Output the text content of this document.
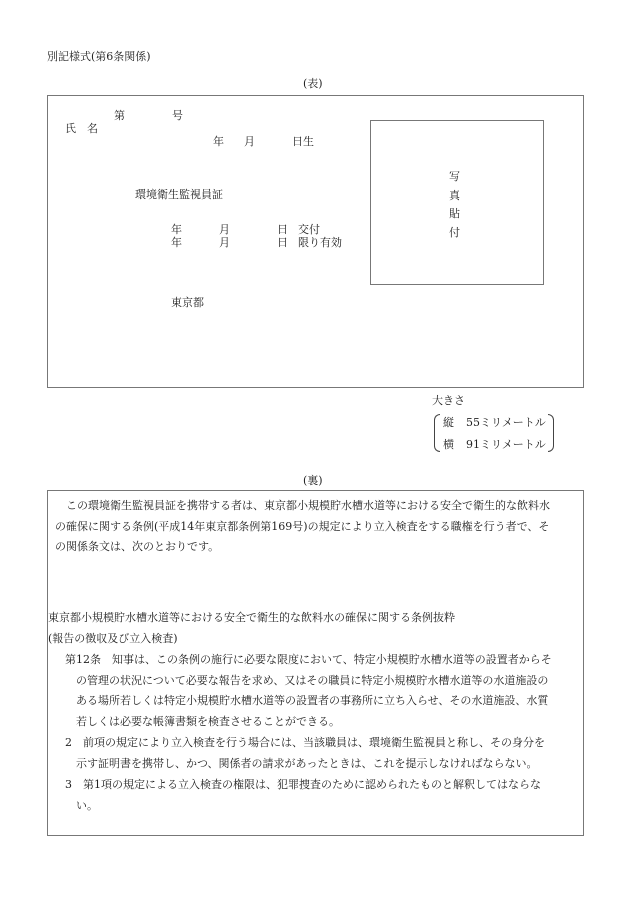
別記様式(第6条関係)
(表)
第	号
氏　名
年 月	日生
環境衛生監視員証
年	月	日 交付
年	月	日 限り有効
東京都
写
真
貼
付
大きさ
縦 55ミリメートル
横 91ミリメートル
(裏)
　この環境衛生監視員証を携帯する者は、東京都小規模貯水槽水道等における安全で衛生的な飲料水
の確保に関する条例(平成14年東京都条例第169号)の規定により立入検査をする職権を行う者で、そ
の関係条文は、次のとおりです。
東京都小規模貯水槽水道等における安全で衛生的な飲料水の確保に関する条例抜粋
(報告の徴収及び立入検査)
第12条　知事は、この条例の施行に必要な限度において、特定小規模貯水槽水道等の設置者からそ
の管理の状況について必要な報告を求め、又はその職員に特定小規模貯水槽水道等の水道施設の
ある場所若しくは特定小規模貯水槽水道等の設置者の事務所に立ち入らせ、その水道施設、水質
若しくは必要な帳簿書類を検査させることができる。
2　前項の規定により立入検査を行う場合には、当該職員は、環境衛生監視員と称し、その身分を
示す証明書を携帯し、かつ、関係者の請求があったときは、これを提示しなければならない。
3　第1項の規定による立入検査の権限は、犯罪捜査のために認められたものと解釈してはならな
い。
